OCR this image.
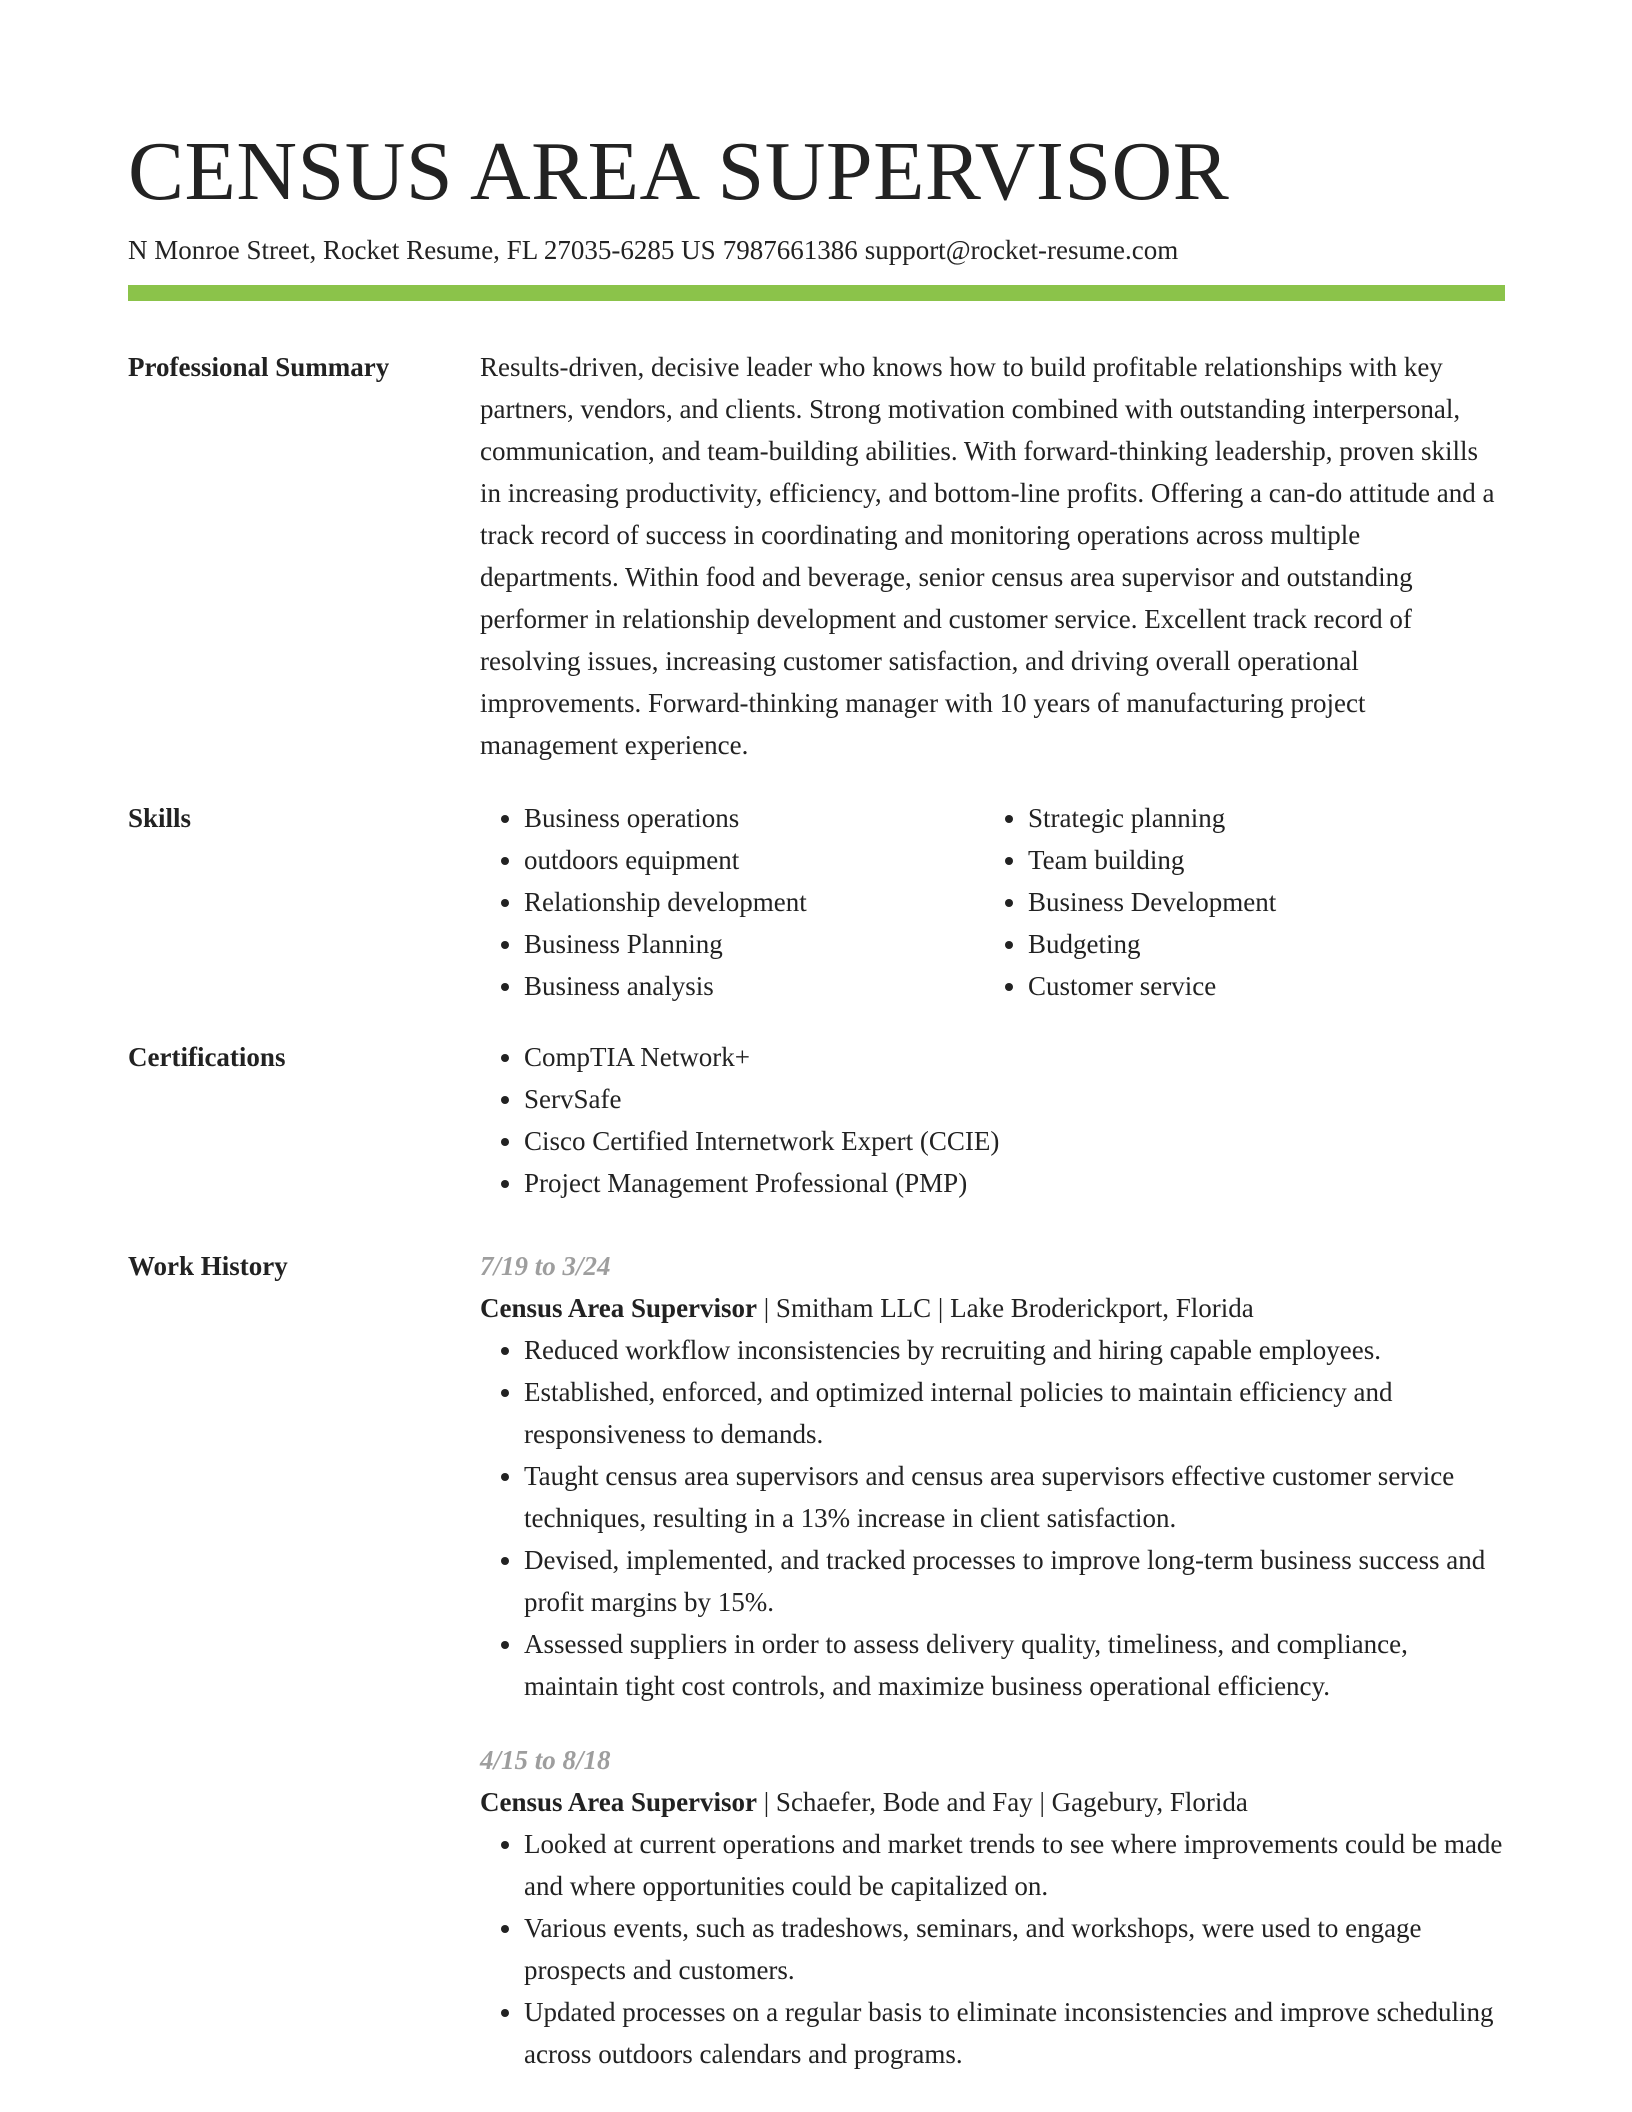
CENSUS AREA SUPERVISOR
N Monroe Street, Rocket Resume, FL 27035-6285 US 7987661386 support@rocket-resume.com
Professional Summary	Results-driven, decisive leader who knows how to build profitable relationships with key partners, vendors, and clients. Strong motivation combined with outstanding interpersonal, communication, and team-building abilities. With forward-thinking leadership, proven skills in increasing productivity, efficiency, and bottom-line profits. Offering a can-do attitude and a track record of success in coordinating and monitoring operations across multiple departments. Within food and beverage, senior census area supervisor and outstanding performer in relationship development and customer service. Excellent track record of resolving issues, increasing customer satisfaction, and driving overall operational improvements. Forward-thinking manager with 10 years of manufacturing project management experience.

Skills	• Business operations
• outdoors equipment
• Relationship development
• Business Planning
• Business analysis
• Strategic planning
• Team building
• Business Development
• Budgeting
• Customer service
Certifications	• CompTIA Network+
• ServSafe
• Cisco Certified Internetwork Expert (CCIE)
• Project Management Professional (PMP)
Work History	7/19 to 3/24
Census Area Supervisor | Smitham LLC | Lake Broderickport, Florida
• Reduced workflow inconsistencies by recruiting and hiring capable employees.
• Established, enforced, and optimized internal policies to maintain efficiency and responsiveness to demands.
• Taught census area supervisors and census area supervisors effective customer service techniques, resulting in a 13% increase in client satisfaction.
• Devised, implemented, and tracked processes to improve long-term business success and profit margins by 15%.
• Assessed suppliers in order to assess delivery quality, timeliness, and compliance, maintain tight cost controls, and maximize business operational efficiency.
4/15 to 8/18
Census Area Supervisor | Schaefer, Bode and Fay | Gagebury, Florida
• Looked at current operations and market trends to see where improvements could be made and where opportunities could be capitalized on.
• Various events, such as tradeshows, seminars, and workshops, were used to engage prospects and customers.
• Updated processes on a regular basis to eliminate inconsistencies and improve scheduling across outdoors calendars and programs.
